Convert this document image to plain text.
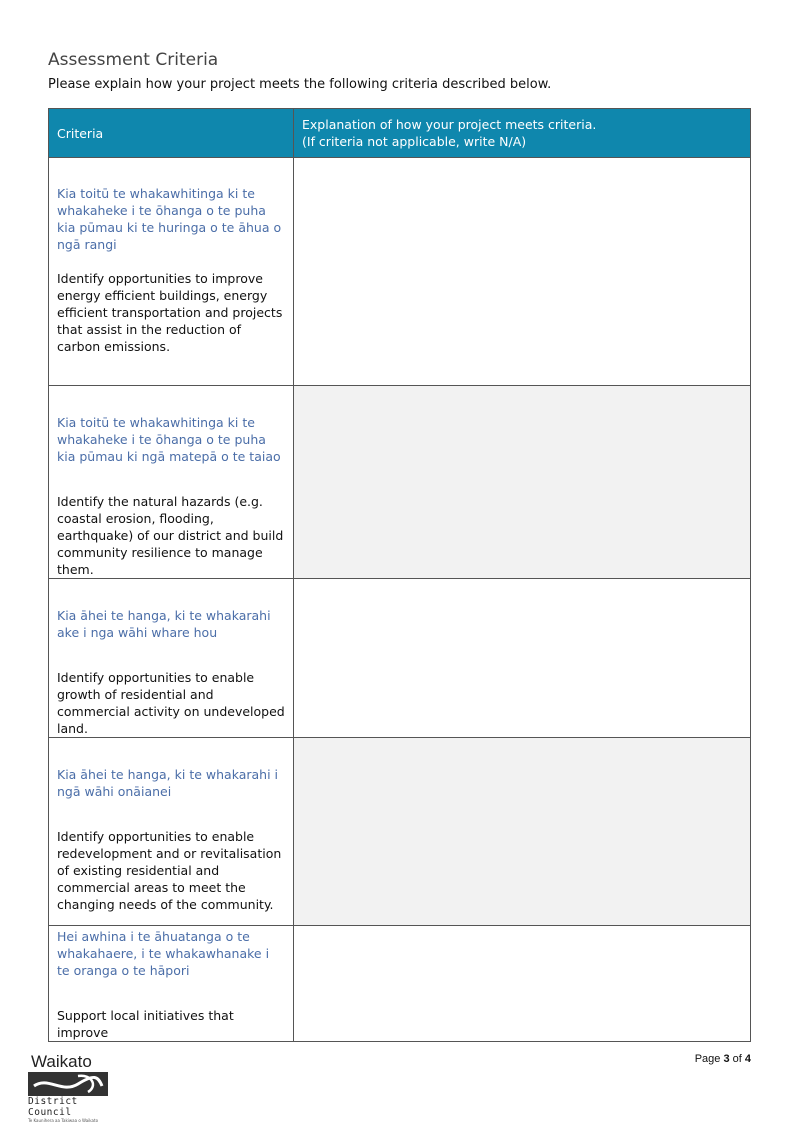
Assessment Criteria
Please explain how your project meets the following criteria described below.
Criteria	Explanation of how your project meets criteria.
(If criteria not applicable, write N/A)

Kia toitū te whakawhitinga ki te whakaheke i te ōhanga o te puha kia pūmau ki te huringa o te āhua o ngā rangi
Identify opportunities to improve energy efficient buildings, energy efficient transportation and projects that assist in the reduction of carbon emissions.	

Kia toitū te whakawhitinga ki te whakaheke i te ōhanga o te puha kia pūmau ki ngā matepā o te taiao
Identify the natural hazards (e.g. coastal erosion, flooding, earthquake) of our district and build community resilience to manage them.	

Kia āhei te hanga, ki te whakarahi ake i nga wāhi whare hou
Identify opportunities to enable growth of residential and commercial activity on undeveloped land.	

Kia āhei te hanga, ki te whakarahi i ngā wāhi onāianei
Identify opportunities to enable redevelopment and or revitalisation of existing residential and commercial areas to meet the changing needs of the community.	

Hei awhina i te āhuatanga o te whakahaere, i te whakawhanake i te oranga o te hāpori
Support local initiatives that improve	

Waikato
District Council
Te Kaunihera aa Takiwaa o Waikato
Page 3 of 4
